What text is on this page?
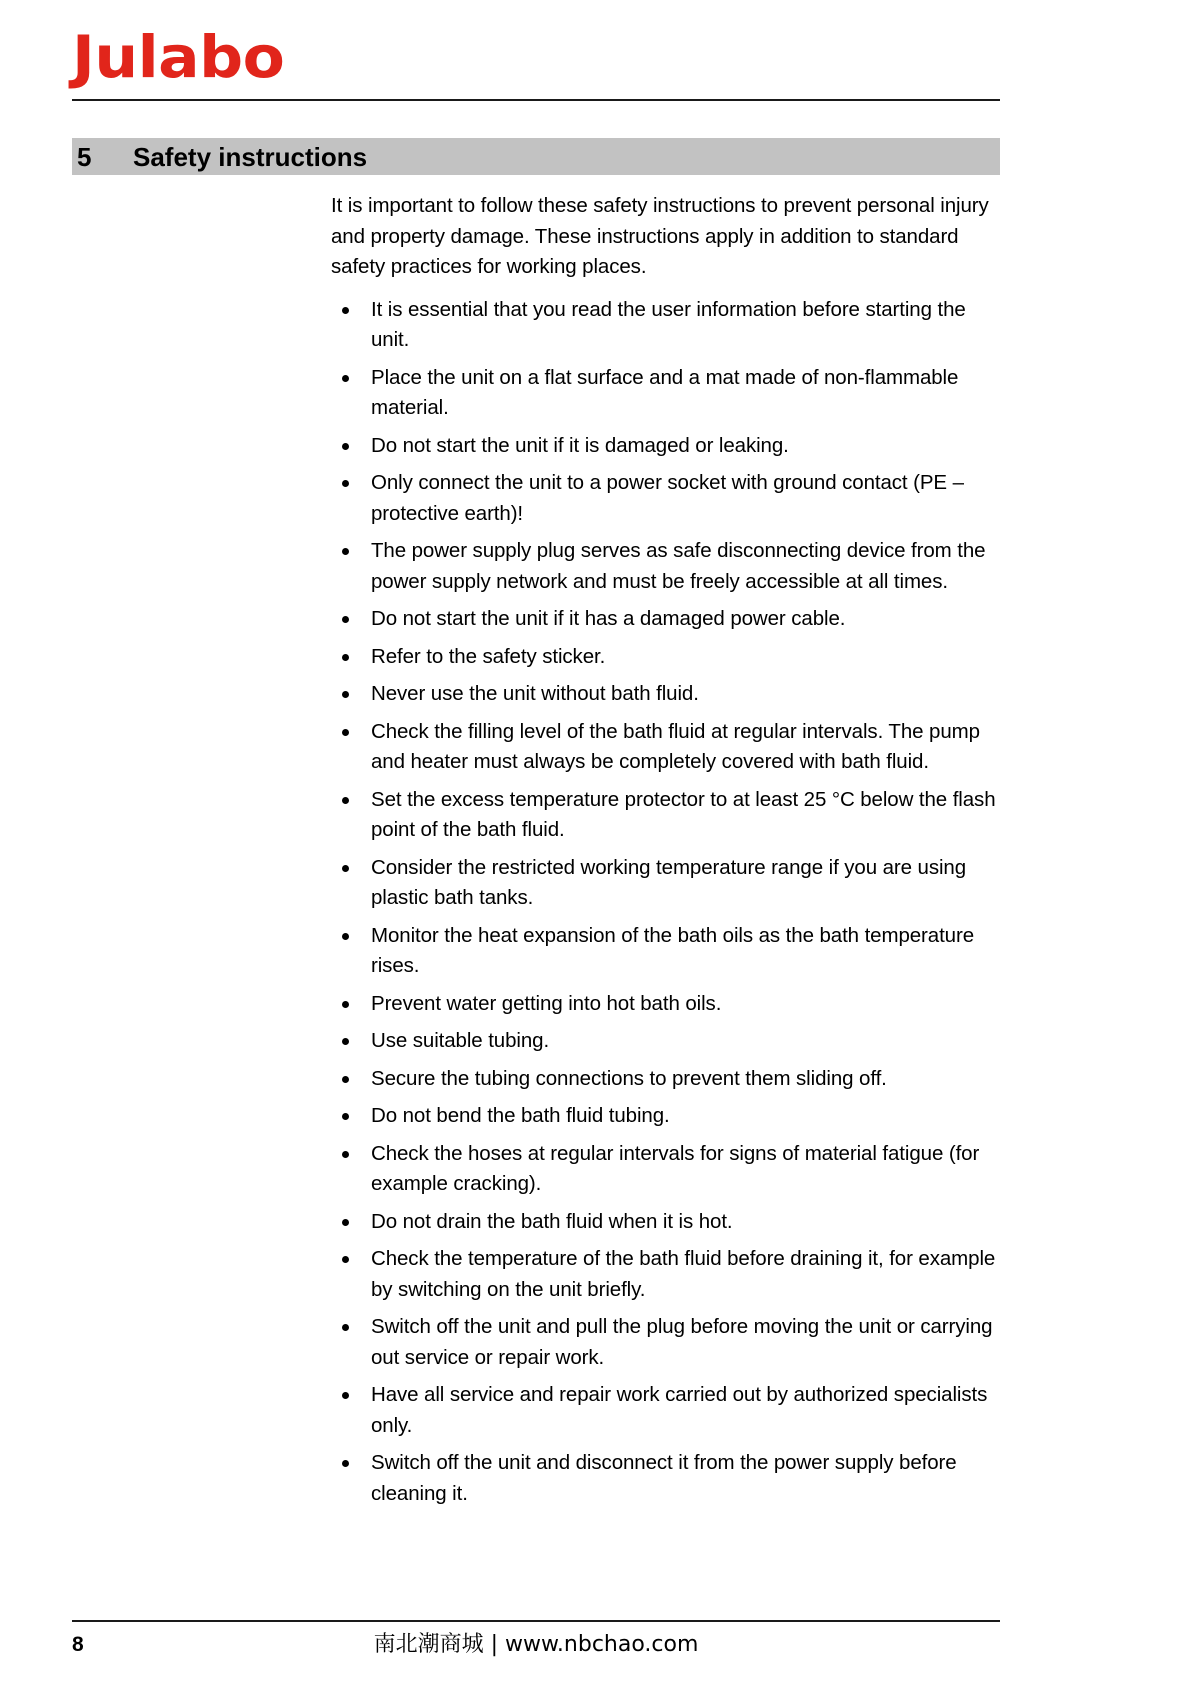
Julabo
5	Safety instructions

It is important to follow these safety instructions to prevent personal injury and property damage. These instructions apply in addition to standard safety practices for working places.

It is essential that you read the user information before starting the unit.
Place the unit on a flat surface and a mat made of non-flammable material.
Do not start the unit if it is damaged or leaking.
Only connect the unit to a power socket with ground contact (PE – protective earth)!
The power supply plug serves as safe disconnecting device from the power supply network and must be freely accessible at all times.
Do not start the unit if it has a damaged power cable.
Refer to the safety sticker.
Never use the unit without bath fluid.
Check the filling level of the bath fluid at regular intervals. The pump and heater must always be completely covered with bath fluid.
Set the excess temperature protector to at least 25 °C below the flash point of the bath fluid.
Consider the restricted working temperature range if you are using plastic bath tanks.
Monitor the heat expansion of the bath oils as the bath temperature rises.
Prevent water getting into hot bath oils.
Use suitable tubing.
Secure the tubing connections to prevent them sliding off.
Do not bend the bath fluid tubing.
Check the hoses at regular intervals for signs of material fatigue (for example cracking).
Do not drain the bath fluid when it is hot.
Check the temperature of the bath fluid before draining it, for example by switching on the unit briefly.
Switch off the unit and pull the plug before moving the unit or carrying out service or repair work.
Have all service and repair work carried out by authorized specialists only.
Switch off the unit and disconnect it from the power supply before cleaning it.
8	南北潮商城 | www.nbchao.com
